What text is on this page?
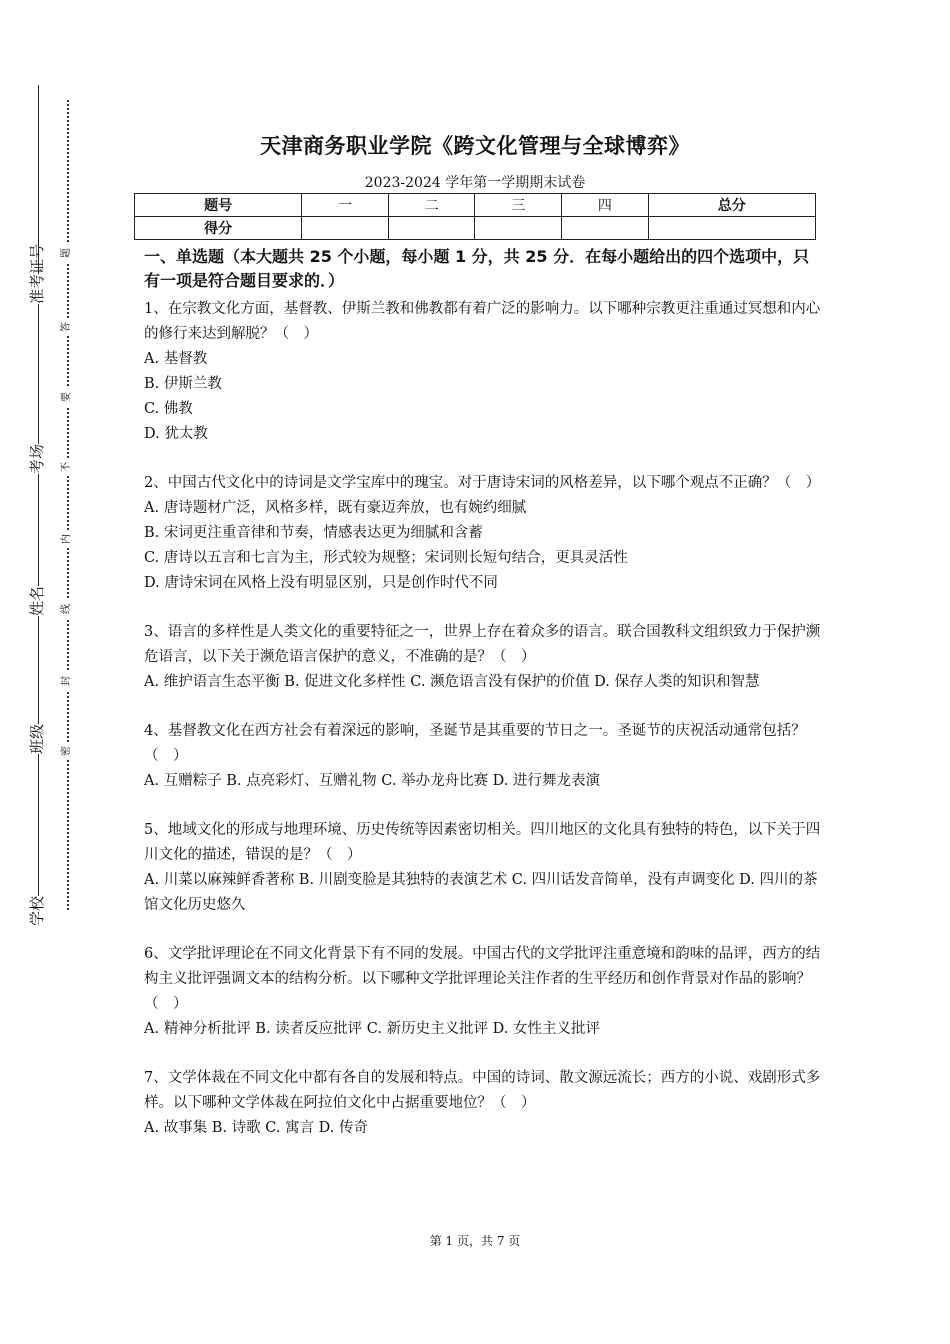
准考证号
考场
姓名
班级
学校
题
答
要
不
内
线
封
密
天津商务职业学院《跨文化管理与全球博弈》
2023-2024 学年第一学期期末试卷
题号	一	二	三	四	总分
得分					

一、单选题（本大题共 25 个小题，每小题 1 分，共 25 分．在每小题给出的四个选项中，只有一项是符合题目要求的．）

1、在宗教文化方面，基督教、伊斯兰教和佛教都有着广泛的影响力。以下哪种宗教更注重通过冥想和内心的修行来达到解脱？（　）

A. 基督教

B. 伊斯兰教

C. 佛教

D. 犹太教

2、中国古代文化中的诗词是文学宝库中的瑰宝。对于唐诗宋词的风格差异，以下哪个观点不正确？（　）

A. 唐诗题材广泛，风格多样，既有豪迈奔放，也有婉约细腻

B. 宋词更注重音律和节奏，情感表达更为细腻和含蓄

C. 唐诗以五言和七言为主，形式较为规整；宋词则长短句结合，更具灵活性

D. 唐诗宋词在风格上没有明显区别，只是创作时代不同

3、语言的多样性是人类文化的重要特征之一，世界上存在着众多的语言。联合国教科文组织致力于保护濒危语言，以下关于濒危语言保护的意义，不准确的是？（　）

A. 维护语言生态平衡 B. 促进文化多样性 C. 濒危语言没有保护的价值 D. 保存人类的知识和智慧

4、基督教文化在西方社会有着深远的影响，圣诞节是其重要的节日之一。圣诞节的庆祝活动通常包括？（　）

A. 互赠粽子 B. 点亮彩灯、互赠礼物 C. 举办龙舟比赛 D. 进行舞龙表演

5、地域文化的形成与地理环境、历史传统等因素密切相关。四川地区的文化具有独特的特色，以下关于四川文化的描述，错误的是？（　）

A. 川菜以麻辣鲜香著称 B. 川剧变脸是其独特的表演艺术 C. 四川话发音简单，没有声调变化 D. 四川的茶馆文化历史悠久

6、文学批评理论在不同文化背景下有不同的发展。中国古代的文学批评注重意境和韵味的品评，西方的结构主义批评强调文本的结构分析。以下哪种文学批评理论关注作者的生平经历和创作背景对作品的影响？（　）

A. 精神分析批评 B. 读者反应批评 C. 新历史主义批评 D. 女性主义批评

7、文学体裁在不同文化中都有各自的发展和特点。中国的诗词、散文源远流长；西方的小说、戏剧形式多样。以下哪种文学体裁在阿拉伯文化中占据重要地位？（　）

A. 故事集 B. 诗歌 C. 寓言 D. 传奇

第 1 页，共 7 页
